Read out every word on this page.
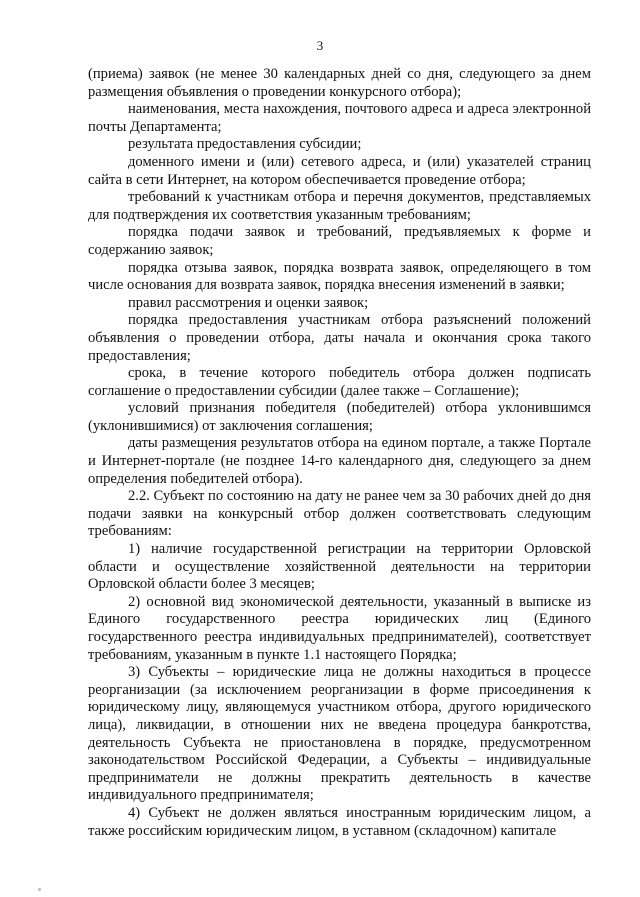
3

(приема) заявок (не менее 30 календарных дней со дня, следующего за днем размещения объявления о проведении конкурсного отбора);

наименования, места нахождения, почтового адреса и адреса электронной почты Департамента;

результата предоставления субсидии;

доменного имени и (или) сетевого адреса, и (или) указателей страниц сайта в сети Интернет, на котором обеспечивается проведение отбора;

требований к участникам отбора и перечня документов, представляемых для подтверждения их соответствия указанным требованиям;

порядка подачи заявок и требований, предъявляемых к форме и содержанию заявок;

порядка отзыва заявок, порядка возврата заявок, определяющего в том числе основания для возврата заявок, порядка внесения изменений в заявки;

правил рассмотрения и оценки заявок;

порядка предоставления участникам отбора разъяснений положений объявления о проведении отбора, даты начала и окончания срока такого предоставления;

срока, в течение которого победитель отбора должен подписать соглашение о предоставлении субсидии (далее также – Соглашение);

условий признания победителя (победителей) отбора уклонившимся (уклонившимися) от заключения соглашения;

даты размещения результатов отбора на едином портале, а также Портале и Интернет-портале (не позднее 14-го календарного дня, следующего за днем определения победителей отбора).

2.2. Субъект по состоянию на дату не ранее чем за 30 рабочих дней до дня подачи заявки на конкурсный отбор должен соответствовать следующим требованиям:

1) наличие государственной регистрации на территории Орловской области и осуществление хозяйственной деятельности на территории Орловской области более 3 месяцев;

2) основной вид экономической деятельности, указанный в выписке из Единого государственного реестра юридических лиц (Единого государственного реестра индивидуальных предпринимателей), соответствует требованиям, указанным в пункте 1.1 настоящего Порядка;

3) Субъекты – юридические лица не должны находиться в процессе реорганизации (за исключением реорганизации в форме присоединения к юридическому лицу, являющемуся участником отбора, другого юридического лица), ликвидации, в отношении них не введена процедура банкротства, деятельность Субъекта не приостановлена в порядке, предусмотренном законодательством Российской Федерации, а Субъекты – индивидуальные предприниматели не должны прекратить деятельность в качестве индивидуального предпринимателя;

4) Субъект не должен являться иностранным юридическим лицом, а также российским юридическим лицом, в уставном (складочном) капитале
